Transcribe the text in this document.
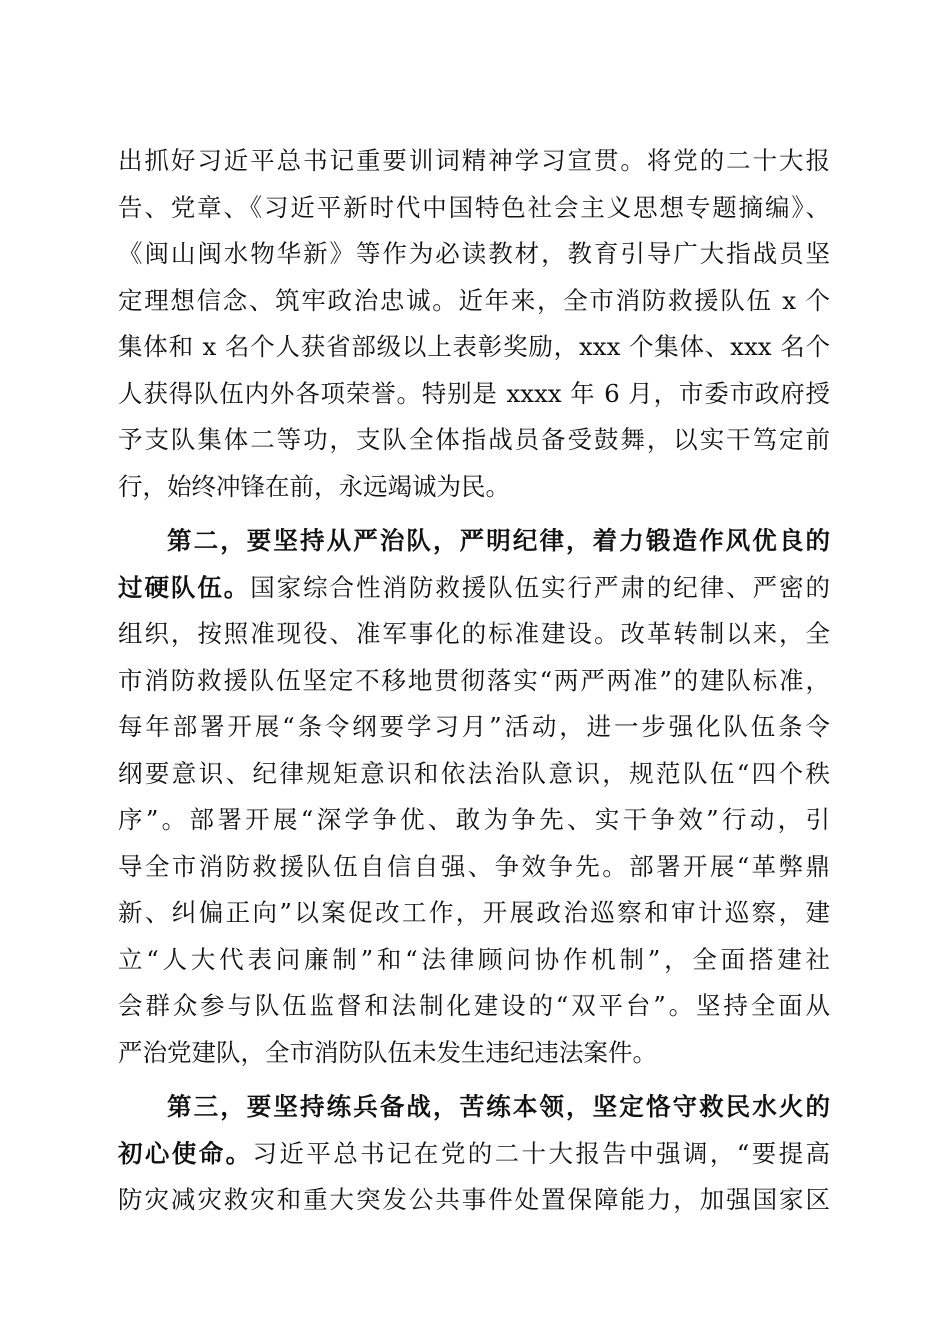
出抓好习近平总书记重要训词精神学习宣贯。将党的二十大报
告、党章、《习近平新时代中国特色社会主义思想专题摘编》、
《闽山闽水物华新》等作为必读教材，教育引导广大指战员坚
定理想信念、筑牢政治忠诚。近年来，全市消防救援队伍 x 个
集体和 x 名个人获省部级以上表彰奖励，xxx 个集体、xxx 名个
人获得队伍内外各项荣誉。特别是 xxxx 年 6 月，市委市政府授
予支队集体二等功，支队全体指战员备受鼓舞，以实干笃定前
行，始终冲锋在前，永远竭诚为民。
第二，要坚持从严治队，严明纪律，着力锻造作风优良的
过硬队伍。国家综合性消防救援队伍实行严肃的纪律、严密的
组织，按照准现役、准军事化的标准建设。改革转制以来，全
市消防救援队伍坚定不移地贯彻落实“两严两准”的建队标准，
每年部署开展“条令纲要学习月”活动，进一步强化队伍条令
纲要意识、纪律规矩意识和依法治队意识，规范队伍“四个秩
序”。部署开展“深学争优、敢为争先、实干争效”行动，引
导全市消防救援队伍自信自强、争效争先。部署开展“革弊鼎
新、纠偏正向”以案促改工作，开展政治巡察和审计巡察，建
立“人大代表问廉制”和“法律顾问协作机制”，全面搭建社
会群众参与队伍监督和法制化建设的“双平台”。坚持全面从
严治党建队，全市消防队伍未发生违纪违法案件。
第三，要坚持练兵备战，苦练本领，坚定恪守救民水火的
初心使命。习近平总书记在党的二十大报告中强调，“要提高
防灾减灾救灾和重大突发公共事件处置保障能力，加强国家区
